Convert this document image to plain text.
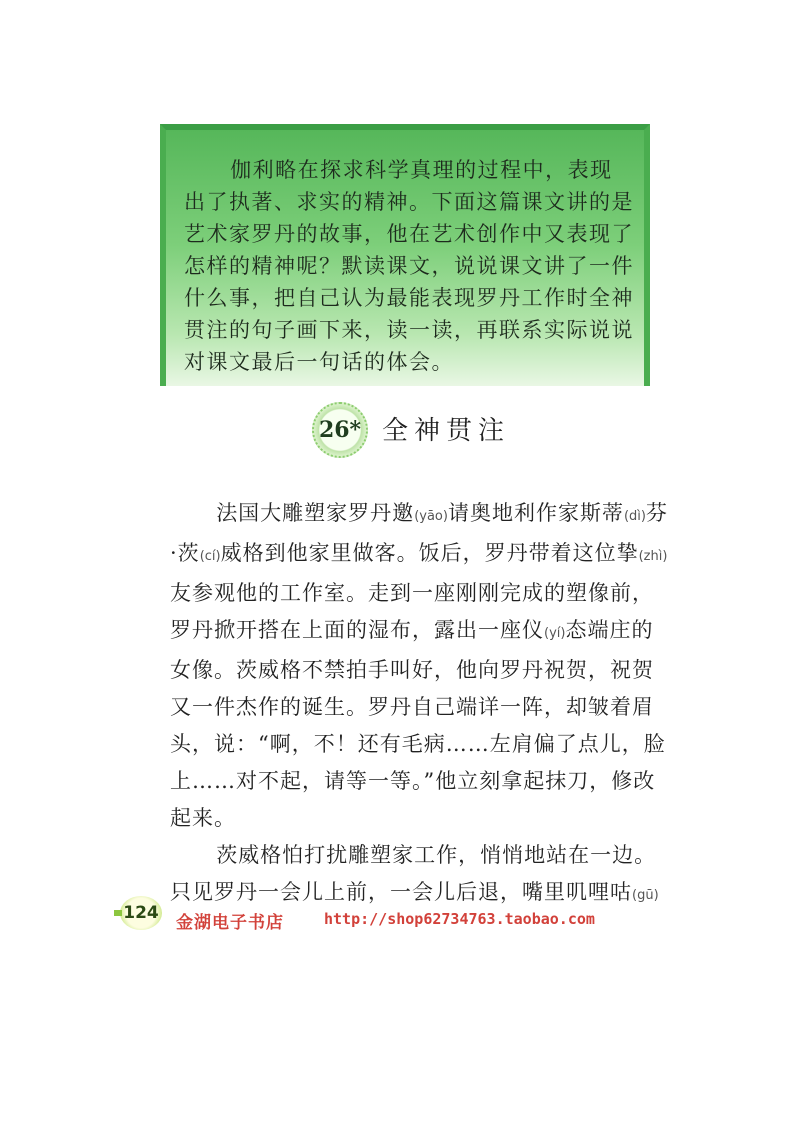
伽利略在探求科学真理的过程中，表现出了执著、求实的精神。下面这篇课文讲的是艺术家罗丹的故事，他在艺术创作中又表现了怎样的精神呢？默读课文，说说课文讲了一件什么事，把自己认为最能表现罗丹工作时全神贯注的句子画下来，读一读，再联系实际说说对课文最后一句话的体会。

26* 全神贯注

法国大雕塑家罗丹邀(yāo)请奥地利作家斯蒂(dì)芬·茨(cí)威格到他家里做客。饭后，罗丹带着这位挚(zhì)友参观他的工作室。走到一座刚刚完成的塑像前，罗丹掀开搭在上面的湿布，露出一座仪(yí)态端庄的女像。茨威格不禁拍手叫好，他向罗丹祝贺，祝贺又一件杰作的诞生。罗丹自己端详一阵，却皱着眉头，说：“啊，不！还有毛病……左肩偏了点儿，脸上……对不起，请等一等。”他立刻拿起抹刀，修改起来。

茨威格怕打扰雕塑家工作，悄悄地站在一边。只见罗丹一会儿上前，一会儿后退，嘴里叽哩咕(gū)

124 金湖电子书店	http://shop62734763.taobao.com
